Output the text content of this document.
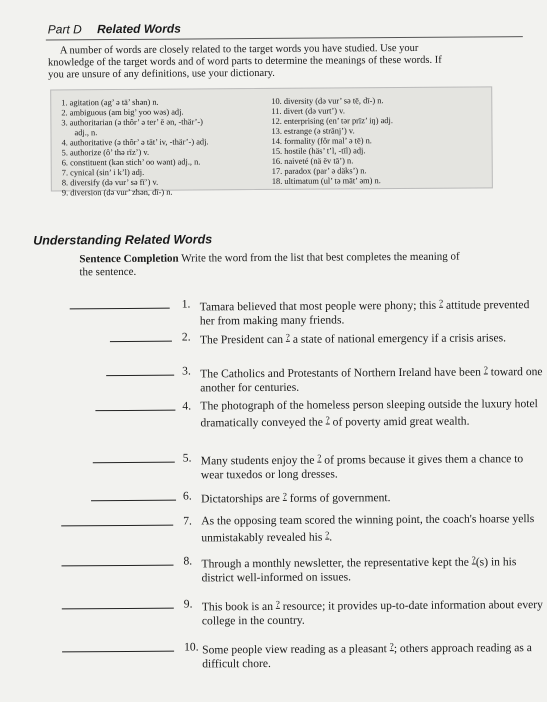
Part D Related Words
A number of words are closely related to the target words you have studied. Use your
knowledge of the target words and of word parts to determine the meanings of these words. If
you are unsure of any definitions, use your dictionary.
1. agitation (ag’ ə tā’ shən) n.
2. ambiguous (am big’ yoo wəs) adj.
3. authoritarian (ə thôr’ ə ter’ ē ən, -thär’-)
adj., n.
4. authoritative (ə thôr’ ə tāt’ iv, -thär’-) adj.
5. authorize (ô’ thə rīz’) v.
6. constituent (kən stich’ oo wənt) adj., n.
7. cynical (sin’ i k’l) adj.
8. diversify (də vur’ sə fī’) v.
9. diversion (də vur’ zhən, dī-) n.
10. diversity (də vur’ sə tē, dī-) n.
11. divert (də vurt’) v.
12. enterprising (en’ tər prīz’ iŋ) adj.
13. estrange (ə strānj’) v.
14. formality (fôr mal’ ə tē) n.
15. hostile (häs’ t’l, -tīl) adj.
16. naiveté (nä ēv tā’) n.
17. paradox (par’ ə däks’) n.
18. ultimatum (ul’ tə māt’ əm) n.
Understanding Related Words
Sentence Completion Write the word from the list that best completes the meaning of the sentence.
1. Tamara believed that most people were phony; this ? attitude prevented her from making many friends.
2. The President can ? a state of national emergency if a crisis arises.
3. The Catholics and Protestants of Northern Ireland have been ? toward one another for centuries.
4. The photograph of the homeless person sleeping outside the luxury hotel dramatically conveyed the ? of poverty amid great wealth.
5. Many students enjoy the ? of proms because it gives them a chance to wear tuxedos or long dresses.
6. Dictatorships are ? forms of government.
7. As the opposing team scored the winning point, the coach's hoarse yells unmistakably revealed his ?.
8. Through a monthly newsletter, the representative kept the ?(s) in his district well-informed on issues.
9. This book is an ? resource; it provides up-to-date information about every college in the country.
10. Some people view reading as a pleasant ?; others approach reading as a difficult chore.
